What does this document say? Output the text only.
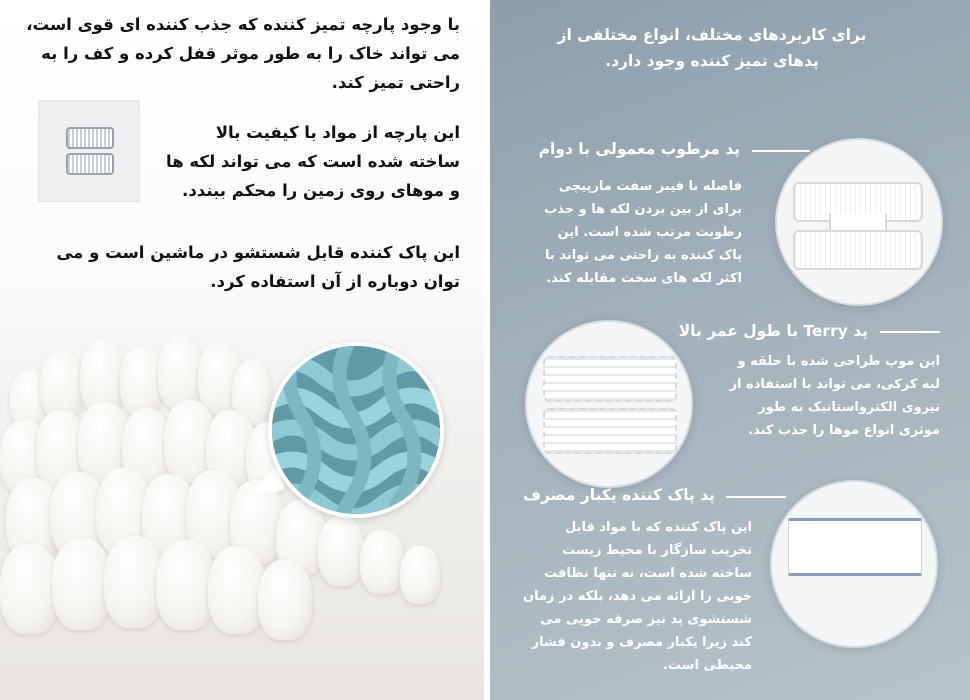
با وجود پارچه تمیز کننده که جذب کننده ای قوی است، می تواند خاک را به طور موثر قفل کرده و کف را به راحتی تمیز کند.

این پارچه از مواد با کیفیت بالا ساخته شده است که می تواند لکه ها و موهای روی زمین را محکم ببندد.

این پاک کننده قابل شستشو در ماشین است و می توان دوباره از آن استفاده کرد.

برای کاربردهای مختلف، انواع مختلفی از پدهای تمیز کننده وجود دارد.

پد مرطوب معمولی با دوام

فاصله با فیبر سفت مارپیچی برای از بین بردن لکه ها و جذب رطوبت مرتب شده است. این پاک کننده به راحتی می تواند با اکثر لکه های سخت مقابله کند.

پد Terry با طول عمر بالا

این موپ طراحی شده با حلقه و لبه کرکی، می تواند با استفاده از نیروی الکترواستاتیک به طور موثری انواع موها را جذب کند.

پد پاک کننده یکبار مصرف

این پاک کننده که با مواد قابل تخریب سازگار با محیط زیست ساخته شده است، نه تنها نظافت خوبی را ارائه می دهد، بلکه در زمان شستشوی پد نیز صرفه جویی می کند زیرا یکبار مصرف و بدون فشار محیطی است.
